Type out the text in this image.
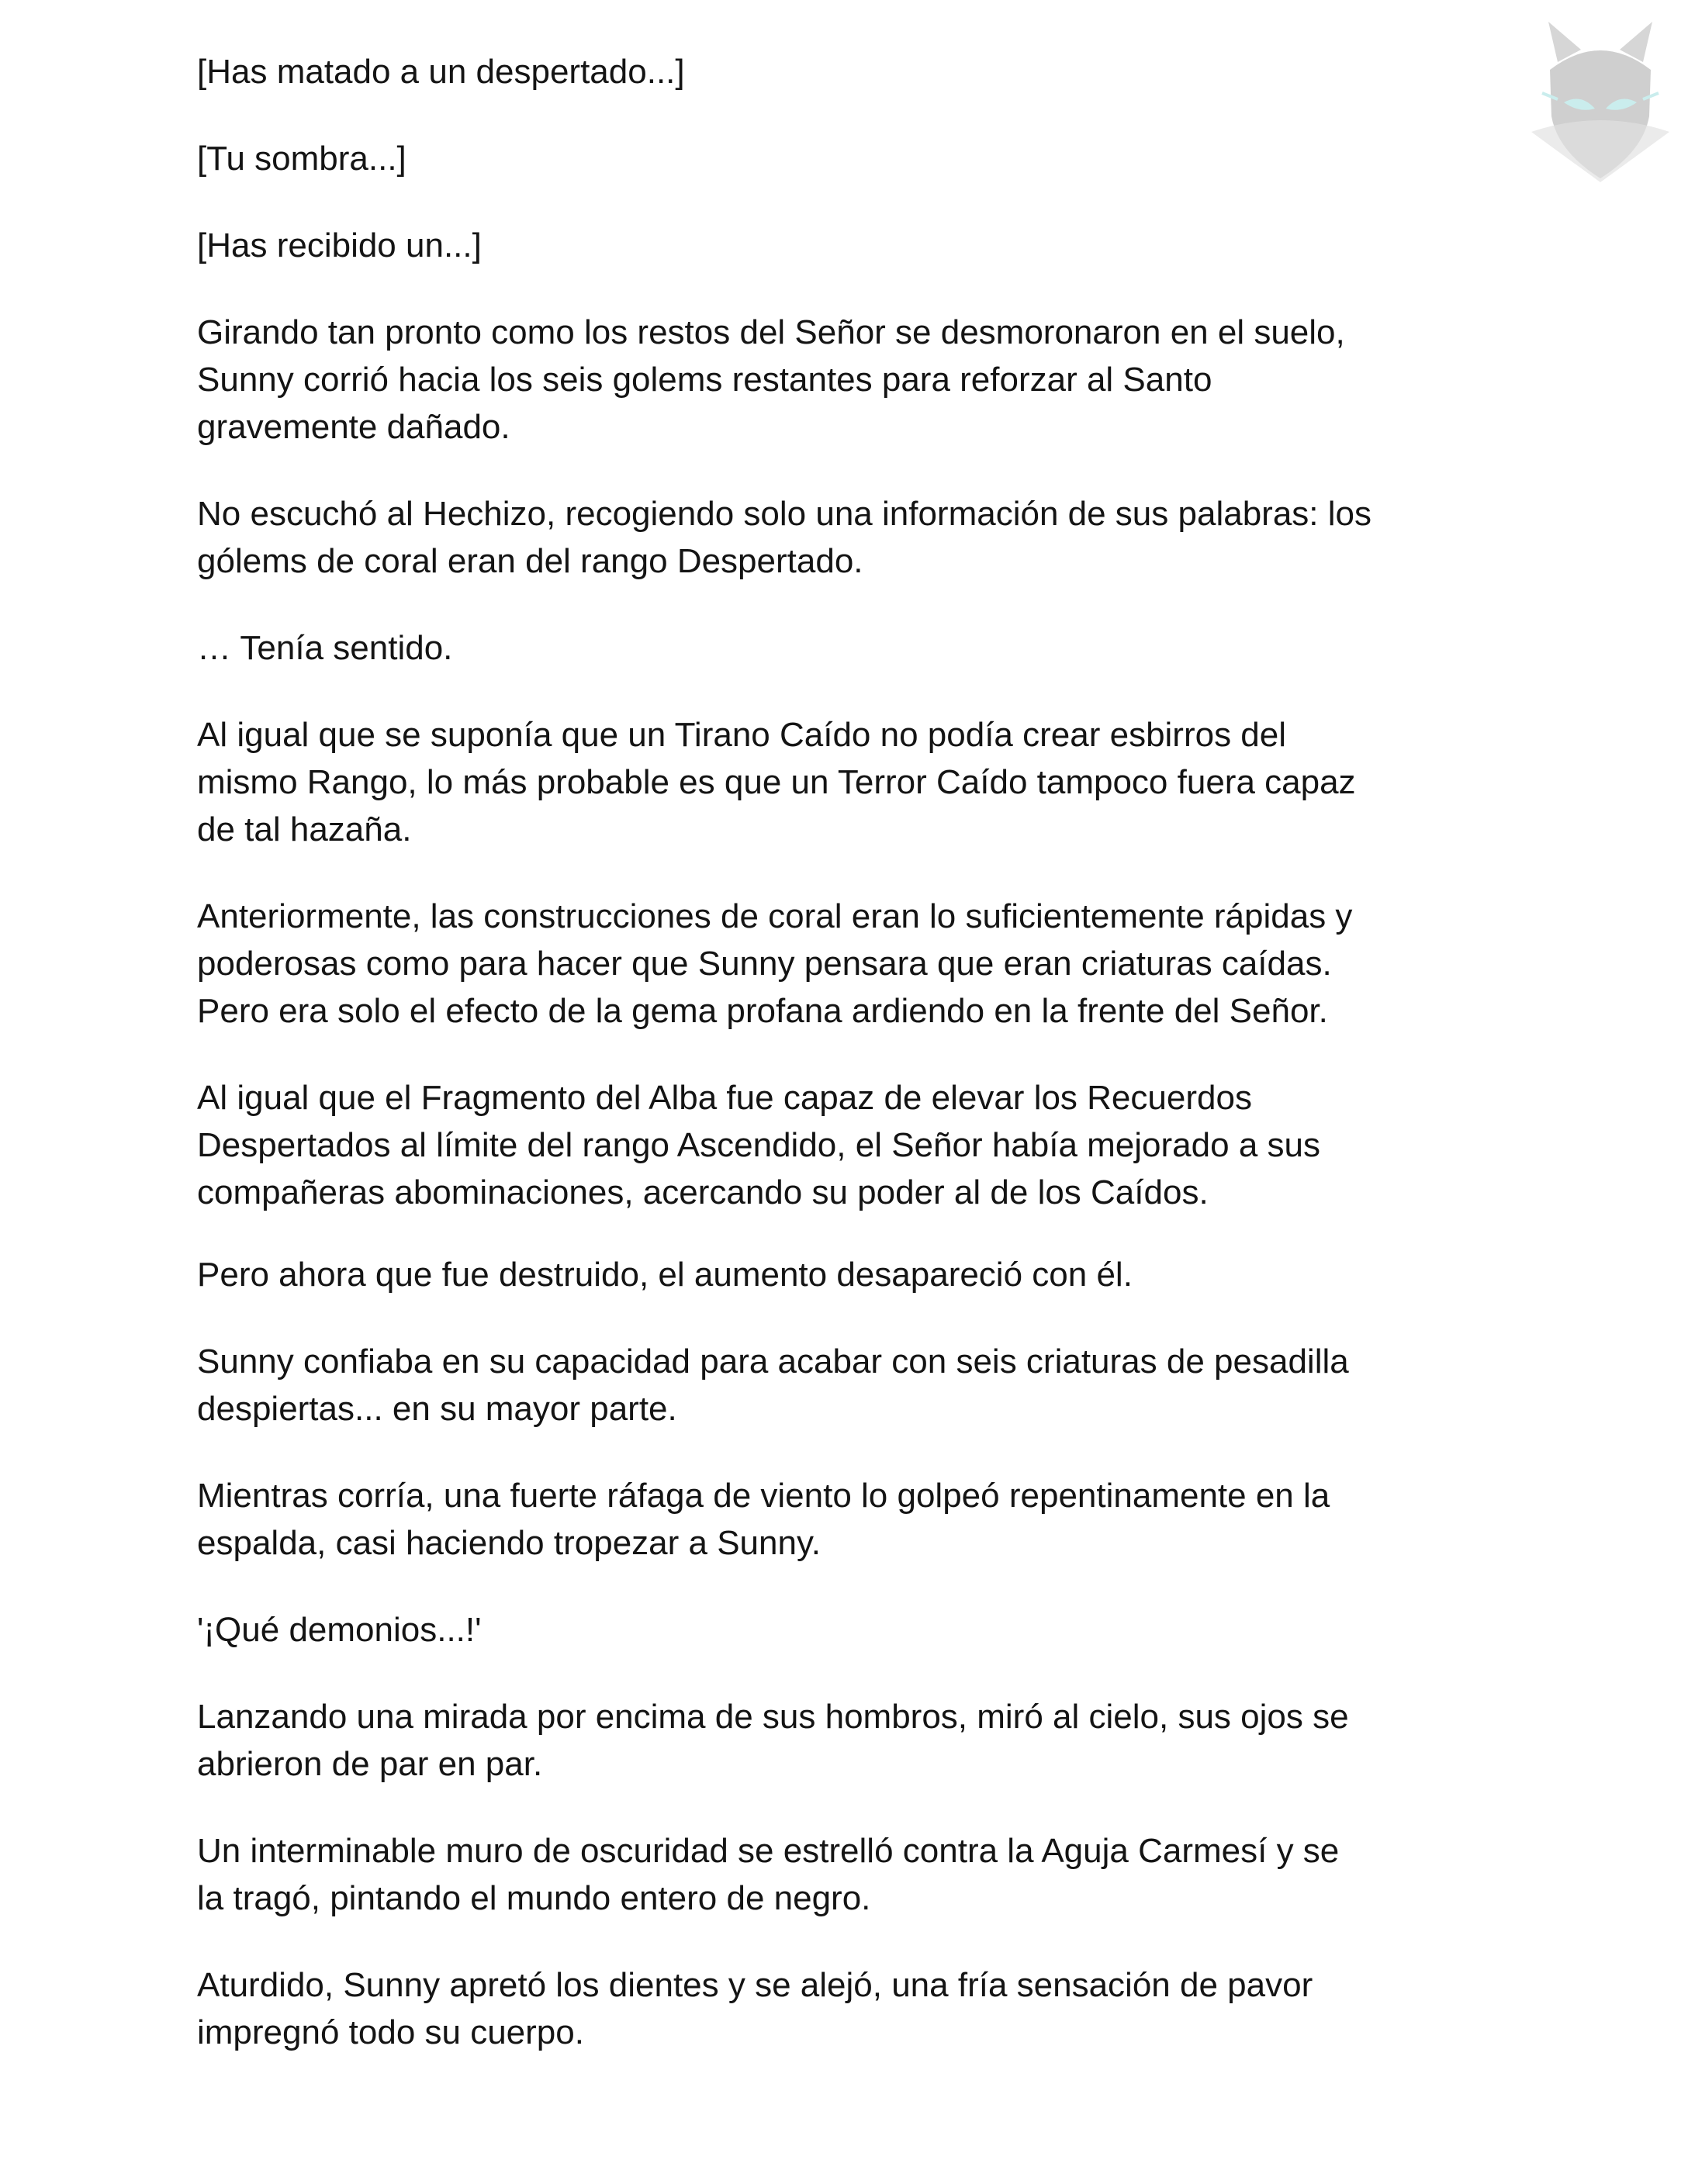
[Has matado a un despertado...]

[Tu sombra...]

[Has recibido un...]

Girando tan pronto como los restos del Señor se desmoronaron en el suelo,
Sunny corrió hacia los seis golems restantes para reforzar al Santo
gravemente dañado.

No escuchó al Hechizo, recogiendo solo una información de sus palabras: los
gólems de coral eran del rango Despertado.

… Tenía sentido.

Al igual que se suponía que un Tirano Caído no podía crear esbirros del
mismo Rango, lo más probable es que un Terror Caído tampoco fuera capaz
de tal hazaña.

Anteriormente, las construcciones de coral eran lo suficientemente rápidas y
poderosas como para hacer que Sunny pensara que eran criaturas caídas.
Pero era solo el efecto de la gema profana ardiendo en la frente del Señor.

Al igual que el Fragmento del Alba fue capaz de elevar los Recuerdos
Despertados al límite del rango Ascendido, el Señor había mejorado a sus
compañeras abominaciones, acercando su poder al de los Caídos.

Pero ahora que fue destruido, el aumento desapareció con él.

Sunny confiaba en su capacidad para acabar con seis criaturas de pesadilla
despiertas... en su mayor parte.

Mientras corría, una fuerte ráfaga de viento lo golpeó repentinamente en la
espalda, casi haciendo tropezar a Sunny.

'¡Qué demonios...!'

Lanzando una mirada por encima de sus hombros, miró al cielo, sus ojos se
abrieron de par en par.

Un interminable muro de oscuridad se estrelló contra la Aguja Carmesí y se
la tragó, pintando el mundo entero de negro.

Aturdido, Sunny apretó los dientes y se alejó, una fría sensación de pavor
impregnó todo su cuerpo.
